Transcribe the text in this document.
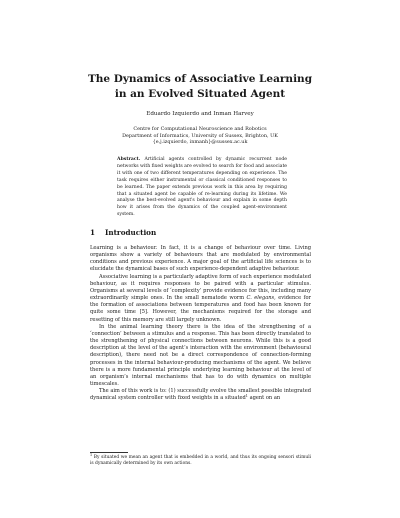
The Dynamics of Associative Learning
in an Evolved Situated Agent
Eduardo Izquierdo and Inman Harvey
Centre for Computational Neuroscience and Robotics
Department of Informatics, University of Sussex, Brighton, UK
{e.j.izquierdo, inmanh}@sussex.ac.uk
Abstract. Artificial agents controlled by dynamic recurrent node networks with fixed weights are evolved to search for food and associate it with one of two different temperatures depending on experience. The task requires either instrumental or classical conditioned responses to be learned. The paper extends previous work in this area by requiring that a situated agent be capable of re-learning during its lifetime. We analyse the best-evolved agent's behaviour and explain in some depth how it arises from the dynamics of the coupled agent-environment system.
1 Introduction

Learning is a behaviour. In fact, it is a change of behaviour over time. Living organisms show a variety of behaviours that are modulated by environmental conditions and previous experience. A major goal of the artificial life sciences is to elucidate the dynamical bases of such experience-dependent adaptive behaviour.

Associative learning is a particularly adaptive form of such experience modulated behaviour, as it requires responses to be paired with a particular stimulus. Organisms at several levels of ‘complexity’ provide evidence for this, including many extraordinarily simple ones. In the small nematode worm C. elegans, evidence for the formation of associations between temperatures and food has been known for quite some time [5]. However, the mechanisms required for the storage and resetting of this memory are still largely unknown.

In the animal learning theory there is the idea of the strengthening of a ‘connection’ between a stimulus and a response. This has been directly translated to the strengthening of physical connections between neurons. While this is a good description at the level of the agent’s interaction with the environment (behavioural description), there need not be a direct correspondence of connection-forming processes in the internal behaviour-producing mechanisms of the agent. We believe there is a more fundamental principle underlying learning behaviour at the level of an organism’s internal mechanisms that has to do with dynamics on multiple timescales.

The aim of this work is to: (1) successfully evolve the smallest possible integrated dynamical system controller with fixed weights in a situated$^1$ agent on an

$^1$ By situated we mean an agent that is embedded in a world, and thus its ongoing sensori stimuli is dynamically determined by its own actions.
